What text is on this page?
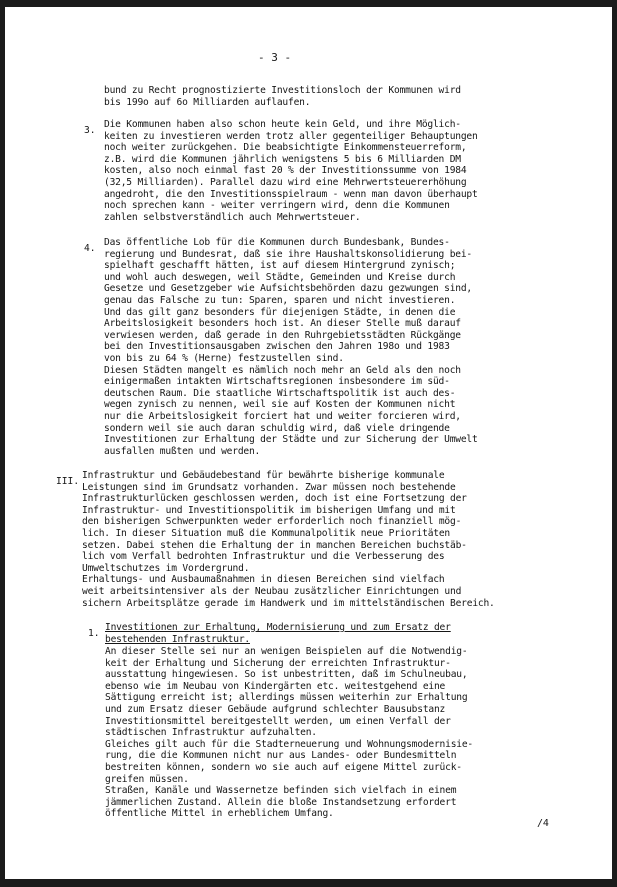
- 3 -
bund zu Recht prognostizierte Investitionsloch der Kommunen wird
bis 199o auf 6o Milliarden auflaufen.
3.
Die Kommunen haben also schon heute kein Geld, und ihre Möglich-
keiten zu investieren werden trotz aller gegenteiliger Behauptungen
noch weiter zurückgehen. Die beabsichtigte Einkommensteuerreform,
z.B. wird die Kommunen jährlich wenigstens 5 bis 6 Milliarden DM
kosten, also noch einmal fast 20 % der Investitionssumme von 1984
(32,5 Milliarden). Parallel dazu wird eine Mehrwertsteuererhöhung
angedroht, die den Investitionsspielraum - wenn man davon überhaupt
noch sprechen kann - weiter verringern wird, denn die Kommunen
zahlen selbstverständlich auch Mehrwertsteuer.
4.
Das öffentliche Lob für die Kommunen durch Bundesbank, Bundes-
regierung und Bundesrat, daß sie ihre Haushaltskonsolidierung bei-
spielhaft geschafft hätten, ist auf diesem Hintergrund zynisch;
und wohl auch deswegen, weil Städte, Gemeinden und Kreise durch
Gesetze und Gesetzgeber wie Aufsichtsbehörden dazu gezwungen sind,
genau das Falsche zu tun: Sparen, sparen und nicht investieren.
Und das gilt ganz besonders für diejenigen Städte, in denen die
Arbeitslosigkeit besonders hoch ist. An dieser Stelle muß darauf
verwiesen werden, daß gerade in den Ruhrgebietsstädten Rückgänge
bei den Investitionsausgaben zwischen den Jahren 198o und 1983
von bis zu 64 % (Herne) festzustellen sind.
Diesen Städten mangelt es nämlich noch mehr an Geld als den noch
einigermaßen intakten Wirtschaftsregionen insbesondere im süd-
deutschen Raum. Die staatliche Wirtschaftspolitik ist auch des-
wegen zynisch zu nennen, weil sie auf Kosten der Kommunen nicht
nur die Arbeitslosigkeit forciert hat und weiter forcieren wird,
sondern weil sie auch daran schuldig wird, daß viele dringende
Investitionen zur Erhaltung der Städte und zur Sicherung der Umwelt
ausfallen mußten und werden.
III.
Infrastruktur und Gebäudebestand für bewährte bisherige kommunale
Leistungen sind im Grundsatz vorhanden. Zwar müssen noch bestehende
Infrastrukturlücken geschlossen werden, doch ist eine Fortsetzung der
Infrastruktur- und Investitionspolitik im bisherigen Umfang und mit
den bisherigen Schwerpunkten weder erforderlich noch finanziell mög-
lich. In dieser Situation muß die Kommunalpolitik neue Prioritäten
setzen. Dabei stehen die Erhaltung der in manchen Bereichen buchstäb-
lich vom Verfall bedrohten Infrastruktur und die Verbesserung des
Umweltschutzes im Vordergrund.
Erhaltungs- und Ausbaumaßnahmen in diesen Bereichen sind vielfach
weit arbeitsintensiver als der Neubau zusätzlicher Einrichtungen und
sichern Arbeitsplätze gerade im Handwerk und im mittelständischen Bereich.
1.
Investitionen zur Erhaltung, Modernisierung und zum Ersatz der
bestehenden Infrastruktur.
An dieser Stelle sei nur an wenigen Beispielen auf die Notwendig-
keit der Erhaltung und Sicherung der erreichten Infrastruktur-
ausstattung hingewiesen. So ist unbestritten, daß im Schulneubau,
ebenso wie im Neubau von Kindergärten etc. weitestgehend eine
Sättigung erreicht ist; allerdings müssen weiterhin zur Erhaltung
und zum Ersatz dieser Gebäude aufgrund schlechter Bausubstanz
Investitionsmittel bereitgestellt werden, um einen Verfall der
städtischen Infrastruktur aufzuhalten.
Gleiches gilt auch für die Stadterneuerung und Wohnungsmodernisie-
rung, die die Kommunen nicht nur aus Landes- oder Bundesmitteln
bestreiten können, sondern wo sie auch auf eigene Mittel zurück-
greifen müssen.
Straßen, Kanäle und Wassernetze befinden sich vielfach in einem
jämmerlichen Zustand. Allein die bloße Instandsetzung erfordert
öffentliche Mittel in erheblichem Umfang.
/4
